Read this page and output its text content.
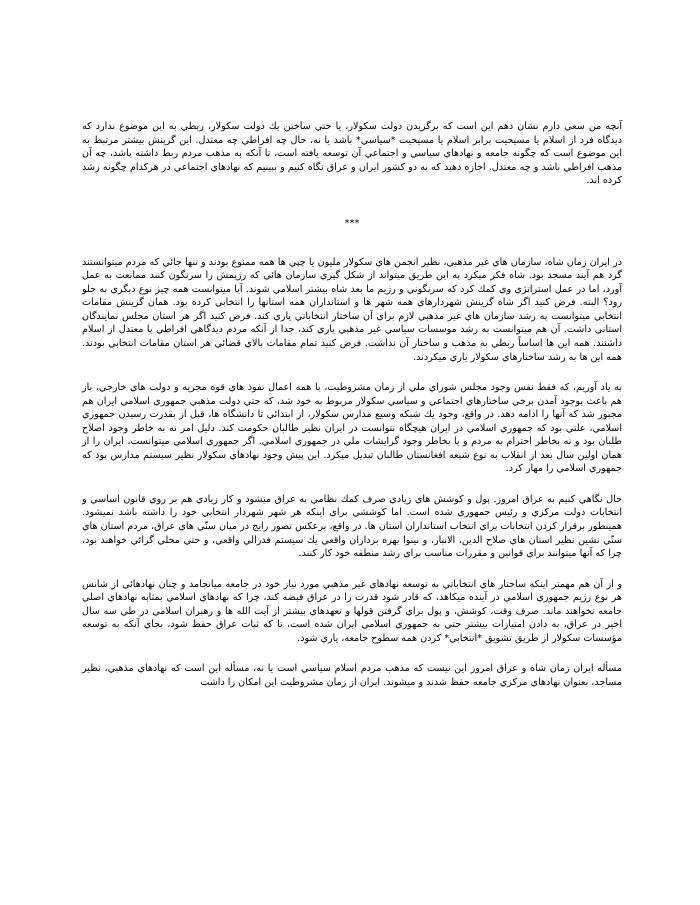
آنچه من سعي دارم نشان دهم اين است كه برگزيدن دولت سكولار، يا حتي ساختن يك دولت سكولار، ربطي به اين موضوع ندارد كه ديدگاه فرد از اسلام يا مسيحيت برابر اسلام يا مسيحيت *سياسي* باشد يا نه، حال چه افراطي چه معتدل. اين گزينش بيشتر مرتبط به اين موضوع است كه چگونه جامعه و نهادهاي سياسي و اجتماعي آن توسعه يافته است، تا آنكه به مذهب مردم ربط داشته باشد، چه آن مذهب افراطي باشد و چه معتدل. اجازه دهيد كه به دو كشور ايران و عراق نگاه كنيم و ببينيم كه نهادهاي اجتماعي در هركدام چگونه رشد كرده اند.

***

در ايران زمان شاه، سازمان هاي غير مذهبي، نظير انجمن هاي سكولار مليون يا چپي ها همه ممنوع بودند و تنها جائي كه مردم ميتوانستند گرد هم آيند مسجد بود. شاه فكر ميكرد به اين طريق ميتواند از شكل گيري سازمان هائي كه رژيمش را سرنگون كنند ممانعت به عمل آورد، اما در عمل استراتژي وي كمك كرد كه سرنگوني و رژيم ما بعد شاه بيشتر اسلامي شوند. آيا ميتوانست همه چيز نوع ديگري به جلو رود؟ البته. فرض كنيد اگر شاه گزينش شهردارهاي همه شهر ها و استانداران همه استانها را انتخابي كرده بود. همان گزينش مقامات انتخابي ميتوانست به رشد سازمان هاي غير مذهبي لازم براي آن ساختار انتخاباتي ياري كند. فرض كنيد اگر هر استان مجلس نمايندگان استاني داشت. آن هم ميتوانست به رشد موسسات سياسي غير مذهبي ياري كند، جدا از آنكه مردم ديدگاهي افراطي يا معتدل از اسلام داشتند. همه اين ها اساساً ربطي به مذهب و ساختار آن نداشت. فرض كنيد تمام مقامات بالاي قضائي هر استان مقامات انتخابي بودند. همه اين ها به رشد ساختارهاي سكولار ياري ميكردند.

به ياد آوريم، كه فقط نفس وجود مجلس شوراي ملي از زمان مشروطيت، با همه اعمال نفوذ هاي قوه مجريه و دولت هاي خارجي، باز هم باعث بوجود آمدن برخي ساختارهاي اجتماعي و سياسي سكولار مربوط به خود شد، كه حتي دولت مذهبي جمهوري اسلامي ايران هم مجبور شد كه آنها را ادامه دهد. در واقع، وجود يك شبكه وسيع مدارس سكولار، از ابتدائي تا دانشگاه ها، قبل از بقدرت رسيدن جمهوري اسلامي، علتي بود كه جمهوري اسلامي در ايران هيچگاه نتوانست در ايران نظير طالبان حكومت كند. دليل امر نه به خاطر وجود اصلاح طلبان بود و نه بخاطر احترام به مردم و يا بخاطر وجود گرايشات ملي در جمهوري اسلامي. اگر جمهوري اسلامي ميتوانست، ايران را از همان اولين سال بعد از انقلاب به نوع شيعه افغانستان طالبان تبديل ميكرد. اين پيش وجود نهادهاي سكولار نظير سيستم مدارس بود كه جمهوري اسلامي را مهار كرد.

حال نگاهي كنيم به عراق امروز. پول و كوشش هاي زيادي صرف كمك نظامي به عراق ميشود و كار زيادي هم بر روي قانون اساسي و انتخابات دولت مركزي و رئيس جمهوري شده است. اما كوششي براي اينكه هر شهر شهردار انتخابي خود را داشته باشد نميشود. همينطور برقرار كردن انتخابات براي انتخاب استانداران استان ها. در واقع، برعكس تصور رايج در ميان سنّي هاي عراق، مردم استان هاي سنّي نشين نظير استان هاي صلاح الدين، الانبار، و نينوا بهره برداران واقعي يك سيستم فدرالي واقعي، و حتي محلي گرائي خواهند بود، چرا كه آنها ميتوانند براي قوانين و مقررات مناسب براي رشد منطقه خود كار كنند.

و از آن هم مهمتر اينكه ساختار هاي انتخاباتي به توسعه نهادهاي غير مذهبي مورد نياز خود در جامعه ميانجامد و چنان نهادهائي از شانس هر نوع رژيم جمهوري اسلامي در آينده ميكاهد، كه قادر شود قدرت را در عراق قبضه كند، چرا كه نهادهاي اسلامي بمثابه نهادهاي اصلي جامعه نخواهند ماند. صرف وقت، كوشش، و پول براي گرفتن قولها و تعهدهاي بيشتر از آيت الله ها و رهبران اسلامي در طي سه سال اخير در عراق، به دادن امتيازات بيشتر حتي به جمهوري اسلامي ايران شده است، تا كه ثبات عراق حفظ شود، بجاي آنكه به توسعه مؤسسات سكولار از طريق تشويق *انتخابي* كردن همه سطوح جامعه، ياري شود.

مسأله ايران زمان شاه و عراق امروز اين نيست كه مذهب مردم اسلام سياسي است يا نه، مسأله اين است كه نهادهاي مذهبي، نظير مساجد، بعنوان نهادهاي مركزي جامعه حفظ شدند و ميشوند. ايران از زمان مشروطيت اين امكان را داشت
